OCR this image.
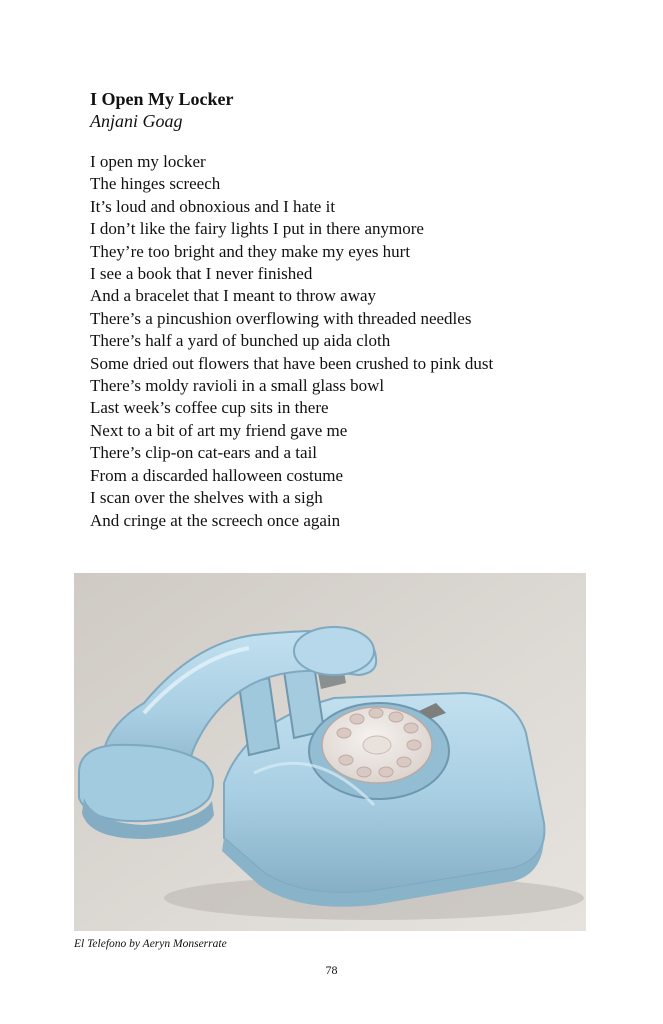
I Open My Locker

Anjani Goag

I open my locker
The hinges screech
It’s loud and obnoxious and I hate it
I don’t like the fairy lights I put in there anymore
They’re too bright and they make my eyes hurt
I see a book that I never finished
And a bracelet that I meant to throw away
There’s a pincushion overflowing with threaded needles
There’s half a yard of bunched up aida cloth
Some dried out flowers that have been crushed to pink dust
There’s moldy ravioli in a small glass bowl
Last week’s coffee cup sits in there
Next to a bit of art my friend gave me
There’s clip-on cat-ears and a tail
From a discarded halloween costume
I scan over the shelves with a sigh
And cringe at the screech once again

El Telefono by Aeryn Monserrate

78
